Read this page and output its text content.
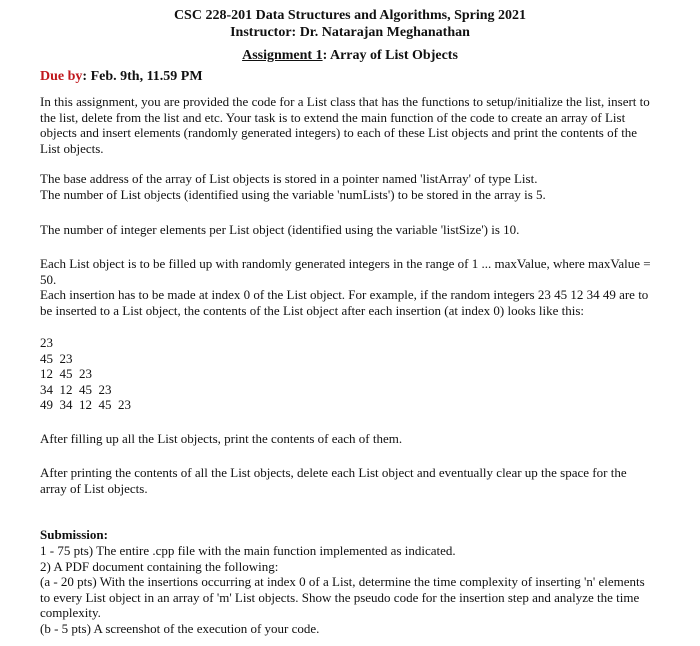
CSC 228-201 Data Structures and Algorithms, Spring 2021
Instructor: Dr. Natarajan Meghanathan
Assignment 1: Array of List Objects
Due by: Feb. 9th, 11.59 PM
In this assignment, you are provided the code for a List class that has the functions to setup/initialize the list, insert to the list, delete from the list and etc. Your task is to extend the main function of the code to create an array of List objects and insert elements (randomly generated integers) to each of these List objects and print the contents of the List objects.
The base address of the array of List objects is stored in a pointer named 'listArray' of type List.
The number of List objects (identified using the variable 'numLists') to be stored in the array is 5.
The number of integer elements per List object (identified using the variable 'listSize') is 10.
Each List object is to be filled up with randomly generated integers in the range of 1 ... maxValue, where maxValue = 50.
Each insertion has to be made at index 0 of the List object. For example, if the random integers 23 45 12 34 49 are to be inserted to a List object, the contents of the List object after each insertion (at index 0) looks like this:
23
45  23
12  45  23
34  12  45  23
49  34  12  45  23
After filling up all the List objects, print the contents of each of them.
After printing the contents of all the List objects, delete each List object and eventually clear up the space for the array of List objects.
Submission:
1 - 75 pts) The entire .cpp file with the main function implemented as indicated.
2) A PDF document containing the following:
(a - 20 pts) With the insertions occurring at index 0 of a List, determine the time complexity of inserting 'n' elements to every List object in an array of 'm' List objects. Show the pseudo code for the insertion step and analyze the time complexity.
(b - 5 pts) A screenshot of the execution of your code.
